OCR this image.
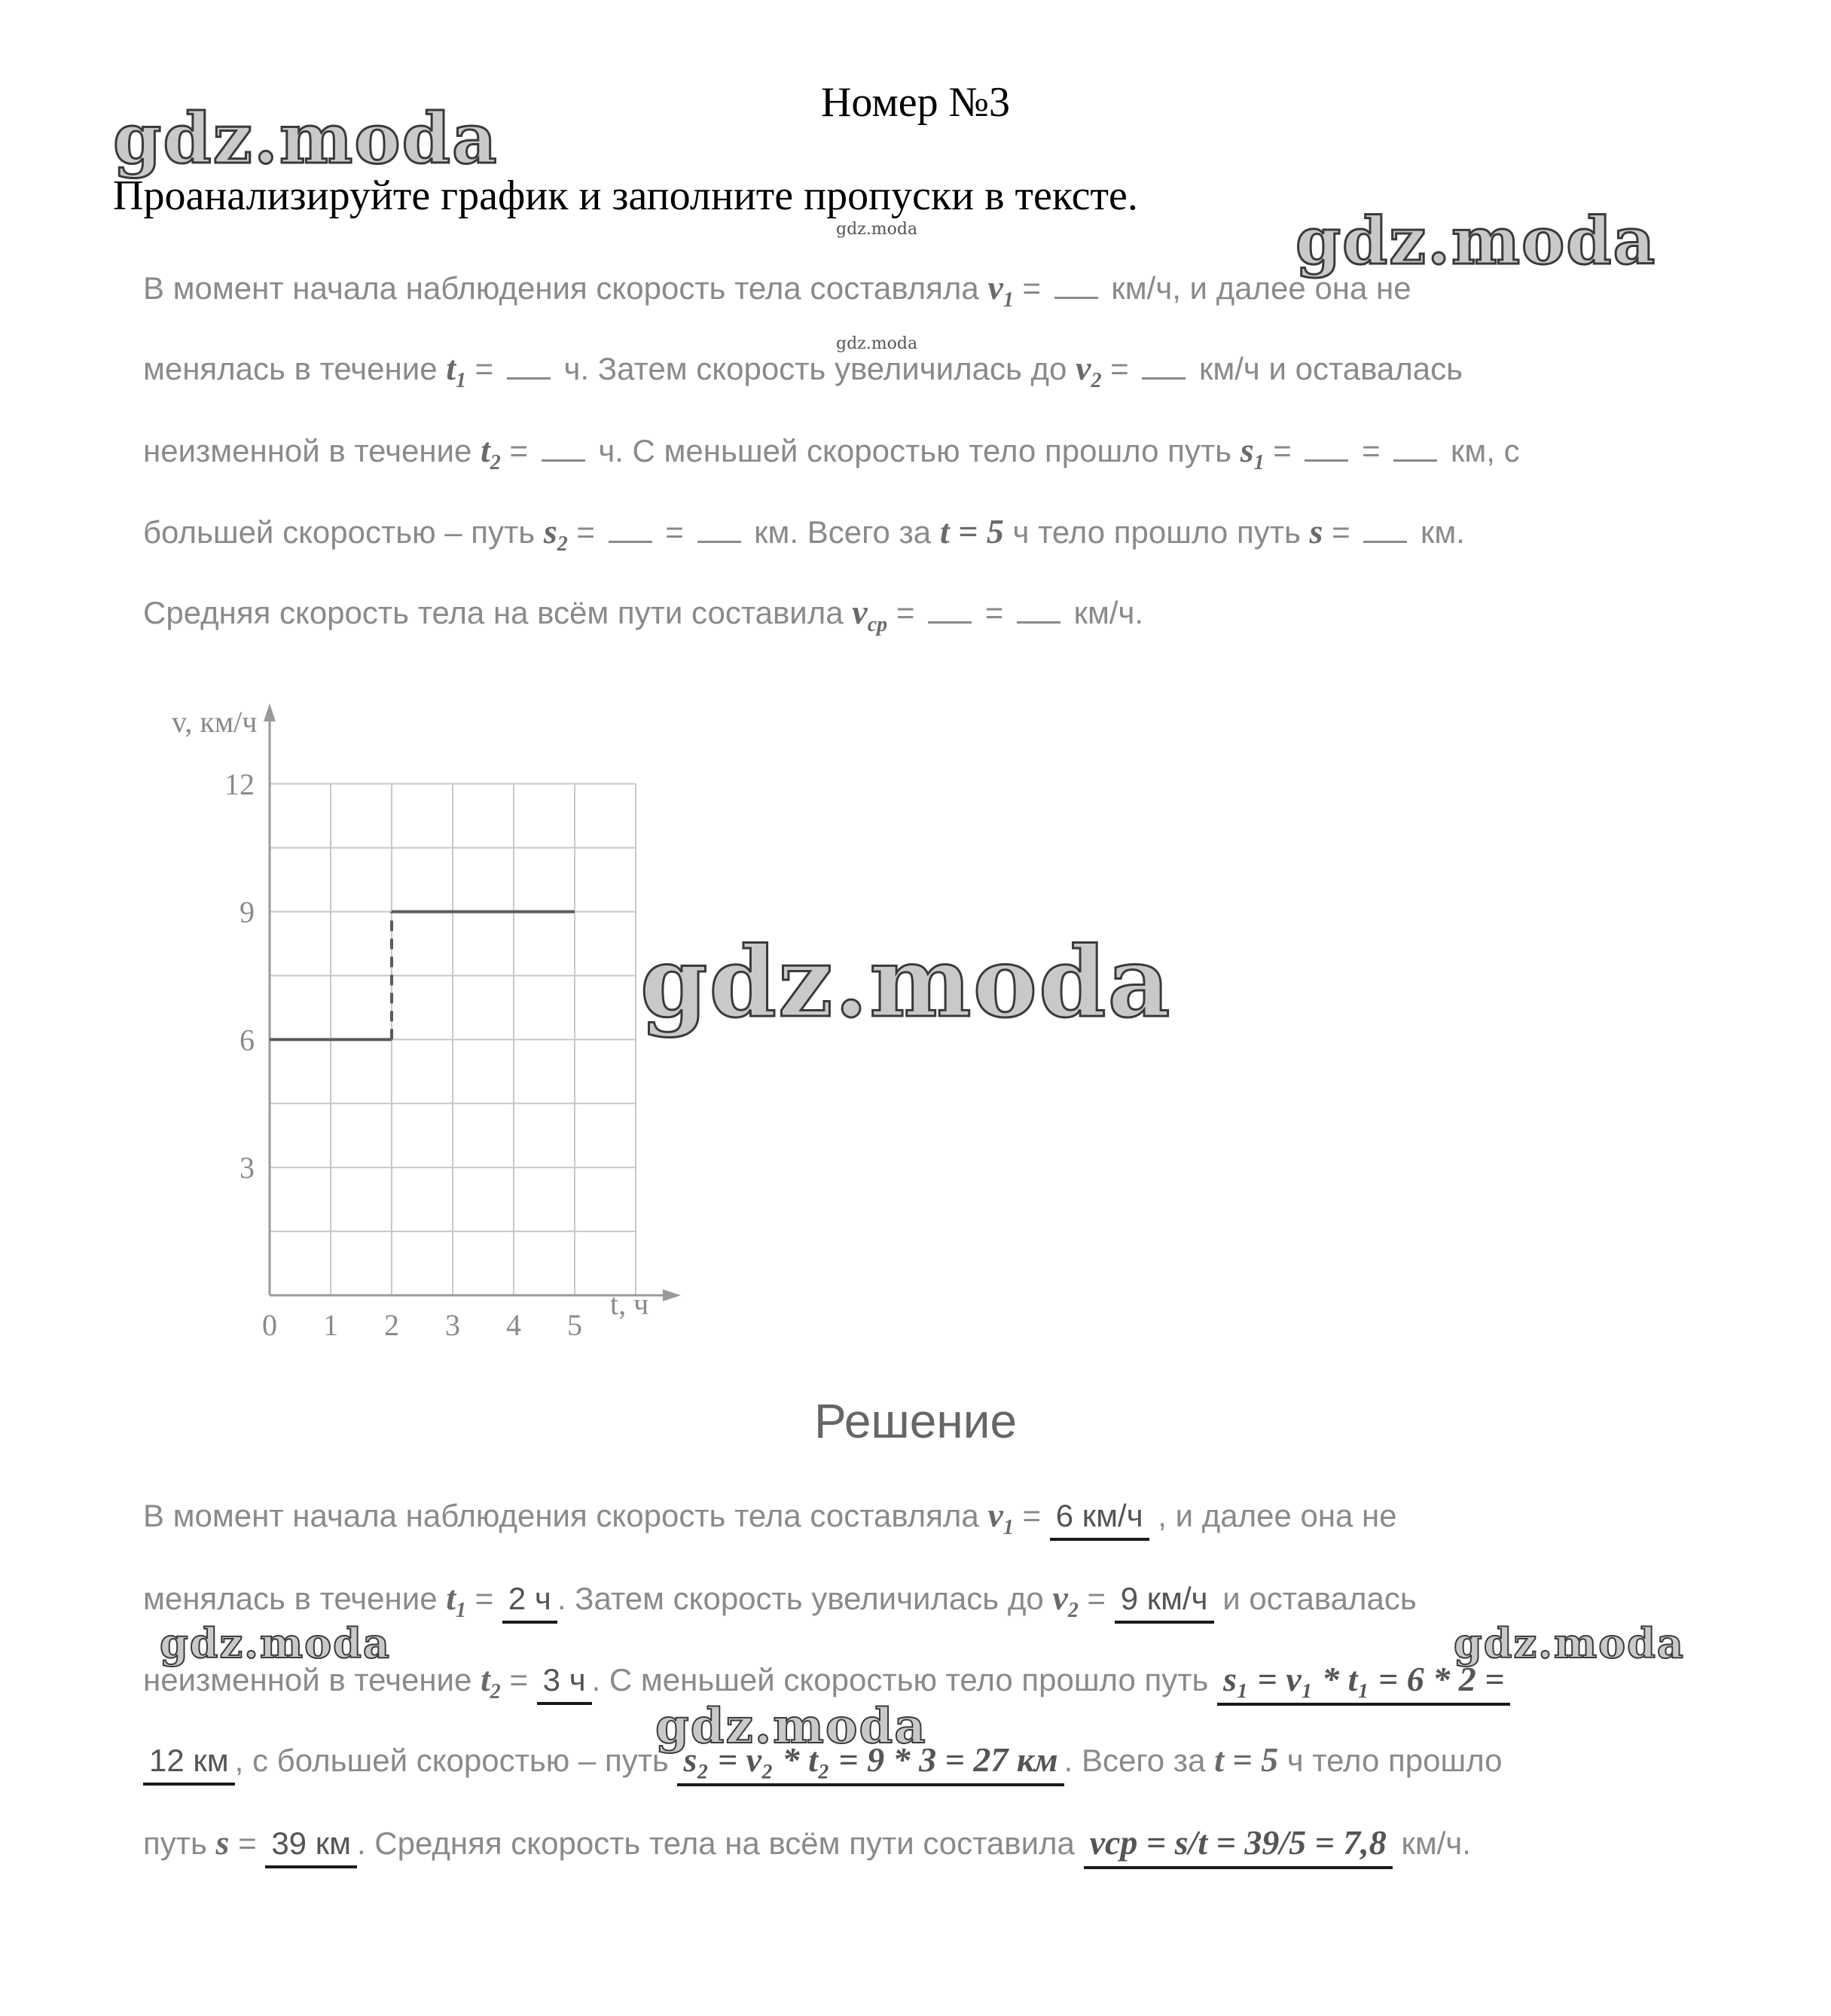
Номер №3
Проанализируйте график и заполните пропуски в тексте.
gdz.moda
gdz.moda
gdz.moda
gdz.moda	gdz.moda
gdz.moda
gdz.moda
gdz.moda
В момент начала наблюдения скорость тела составляла $v_1 = км/ч$, и далее она не
менялась в течение $t_1 = ч$. Затем скорость увеличилась до $v_2 = км/ч$ и оставалась
неизменной в течение $t_2 = ч$. С меньшей скоростью тело прошло путь $s_1$ =  =  км, с
большей скоростью – путь $s_2$ =  =  км. Всего за t = 5 ч тело прошло путь s =  км.
Средняя скорость тела на всём пути составила $v_{ср}$ =  =  км/ч.
0 1 2 3 4 5
3
6
9
12
v, км/ч
t, ч
Решение
В момент начала наблюдения скорость тела составляла $v_1 = 6$ км/ч , и далее она не
менялась в течение $t_1 = 2$ ч . Затем скорость увеличилась до $v_2 = 9$ км/ч и оставалась
неизменной в течение $t_2 = 3$ ч . С меньшей скоростью тело прошло путь s₁ = v₁ * t₁ = 6 * 2 =
12 км , с большей скоростью – путь s₂ = v₂ * t₂ = 9 * 3 = 27 км . Всего за t = 5 ч тело прошло
путь s = 39 км . Средняя скорость тела на всём пути составила vср = s/t = 39/5 = 7,8 км/ч.
